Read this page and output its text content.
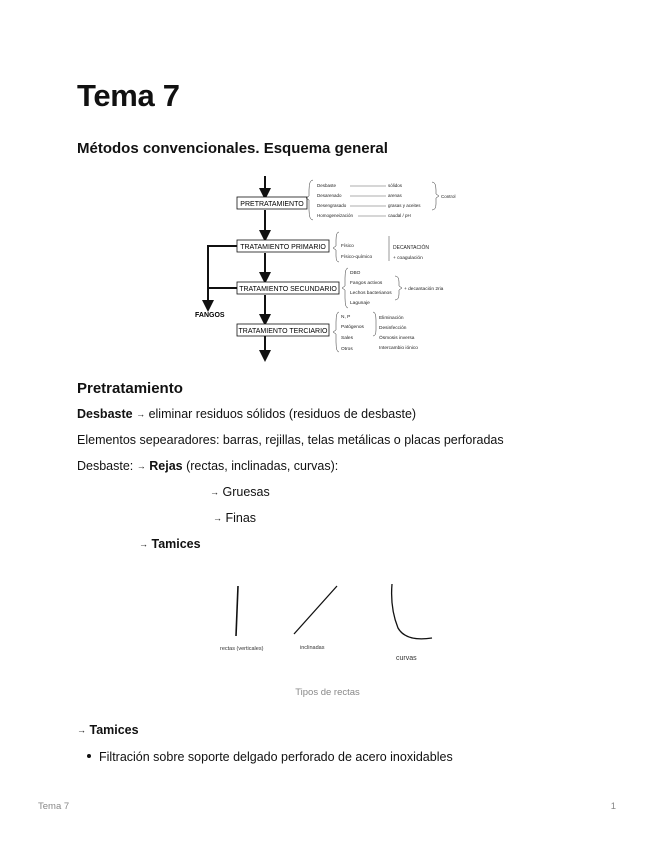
Tema 7
Métodos convencionales. Esquema general
PRETRATAMIENTO
TRATAMIENTO PRIMARIO
TRATAMIENTO SECUNDARIO
TRATAMIENTO TERCIARIO
FANGOS
Desbaste
Desarenado
Desengrasado
Homogeneización
sólidos
arenas
grasas y aceites
caudal / pH
Control
Físico
Físico-químico
DECANTACIÓN
+ coagulación
DBO
Fangos activos
Lechos bacterianos
Lagunaje
+ decantación 2ria
N, P
Patógenos
Sales
Otros
Eliminación
Desinfección
Ósmosis inversa
Intercambio iónico
Pretratamiento
Desbaste → eliminar residuos sólidos (residuos de desbaste)
Elementos sepearadores: barras, rejillas, telas metálicas o placas perforadas
Desbaste: → Rejas (rectas, inclinadas, curvas):
→ Gruesas
→ Finas
→ Tamices
rectas (verticales)	inclinadas
curvas
Tipos de rectas
→ Tamices
Filtración sobre soporte delgado perforado de acero inoxidables
Tema 7	1
